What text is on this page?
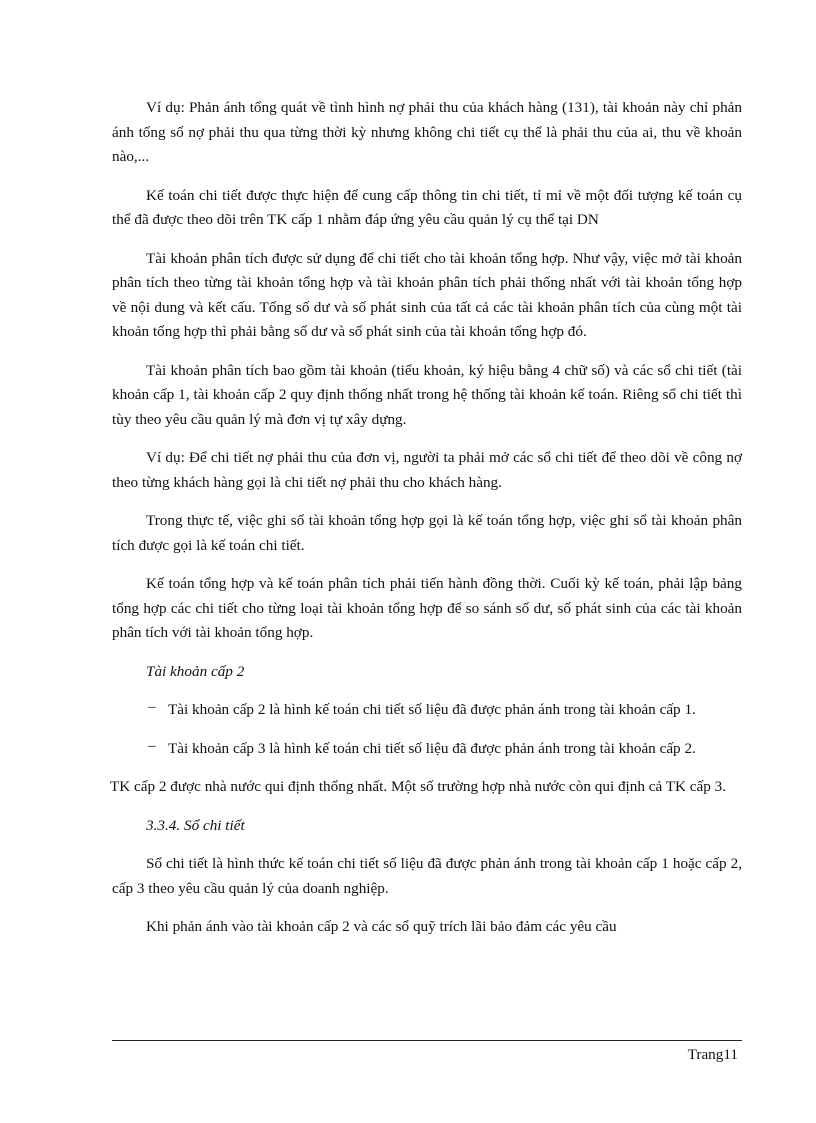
Ví dụ: Phản ánh tổng quát về tình hình nợ phải thu của khách hàng (131), tài khoản này chỉ phản ánh tổng số nợ phải thu qua từng thời kỳ nhưng không chi tiết cụ thể là phải thu của ai, thu về khoản nào,...

Kế toán chi tiết được thực hiện để cung cấp thông tin chi tiết, tỉ mỉ về một đối tượng kế toán cụ thể đã được theo dõi trên TK cấp 1 nhằm đáp ứng yêu cầu quản lý cụ thể tại DN

Tài khoản phân tích được sử dụng để chi tiết cho tài khoản tổng hợp. Như vậy, việc mở tài khoản phân tích theo từng tài khoản tổng hợp và tài khoản phân tích phải thống nhất với tài khoản tổng hợp về nội dung và kết cấu. Tổng số dư và số phát sinh của tất cả các tài khoản phân tích của cùng một tài khoản tổng hợp thì phải bằng số dư và số phát sinh của tài khoản tổng hợp đó.

Tài khoản phân tích bao gồm tài khoản (tiểu khoản, ký hiệu bằng 4 chữ số) và các sổ chi tiết (tài khoản cấp 1, tài khoản cấp 2 quy định thống nhất trong hệ thống tài khoản kế toán. Riêng sổ chi tiết thì tùy theo yêu cầu quản lý mà đơn vị tự xây dựng.

Ví dụ: Để chi tiết nợ phải thu của đơn vị, người ta phải mở các sổ chi tiết để theo dõi về công nợ theo từng khách hàng gọi là chi tiết nợ phải thu cho khách hàng.

Trong thực tế, việc ghi sổ tài khoản tổng hợp gọi là kế toán tổng hợp, việc ghi sổ tài khoản phân tích được gọi là kế toán chi tiết.

Kế toán tổng hợp và kế toán phân tích phải tiến hành đồng thời. Cuối kỳ kế toán, phải lập bảng tổng hợp các chi tiết cho từng loại tài khoản tổng hợp để so sánh số dư, số phát sinh của các tài khoản phân tích với tài khoản tổng hợp.

Tài khoản cấp 2

– Tài khoản cấp 2 là hình kế toán chi tiết số liệu đã được phản ánh trong tài khoản cấp 1.

– Tài khoản cấp 3 là hình kế toán chi tiết số liệu đã được phản ánh trong tài khoản cấp 2.

TK cấp 2 được nhà nước qui định thống nhất. Một số trường hợp nhà nước còn qui định cả TK cấp 3.

3.3.4. Sổ chi tiết

Sổ chi tiết là hình thức kế toán chi tiết số liệu đã được phản ánh trong tài khoản cấp 1 hoặc cấp 2, cấp 3 theo yêu cầu quản lý của doanh nghiệp.

Khi phản ánh vào tài khoản cấp 2 và các sổ quỹ trích lãi bảo đảm các yêu cầu

Trang11
